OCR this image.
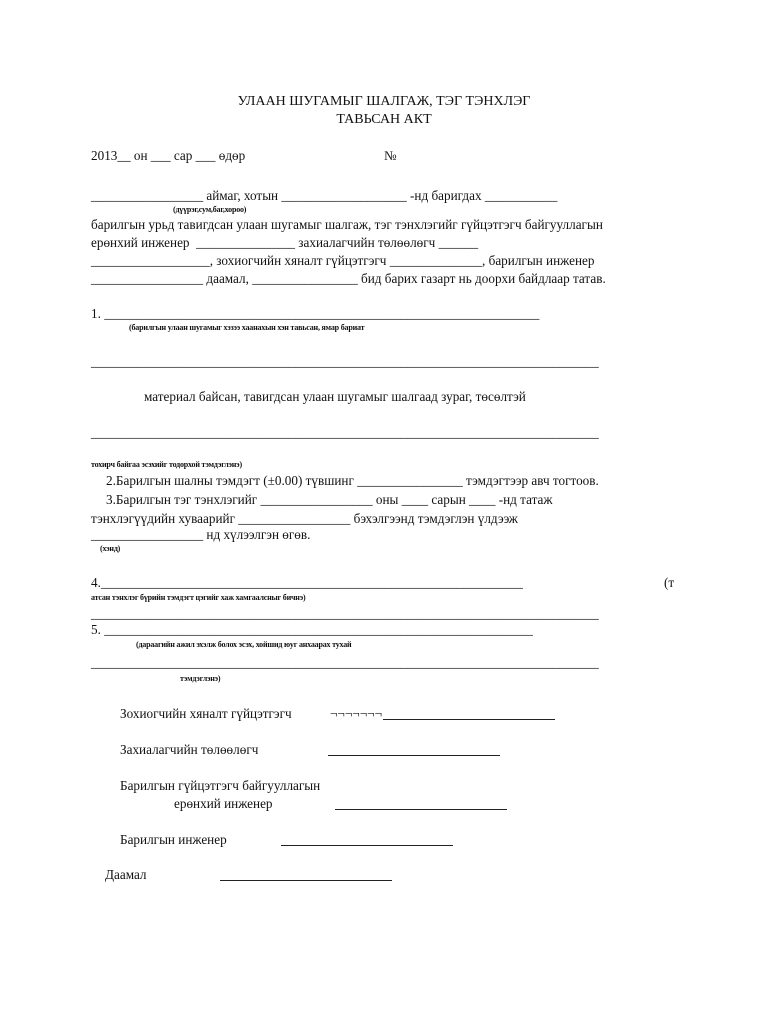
УЛААН ШУГАМЫГ ШАЛГАЖ, ТЭГ ТЭНХЛЭГ
ТАВЬСАН АКТ
2013__ он ___ сар ___ өдөр	№
_________________ аймаг, хотын ___________________ -нд баригдах ___________
(дүүрэг,сум,баг,хороо)
барилгын урьд тавигдсан улаан шугамыг шалгаж, тэг тэнхлэгийг гүйцэтгэгч байгууллагын
ерөнхий инженер  _______________ захиалагчийн төлөөлөгч ______
__________________, зохиогчийн хяналт гүйцэтгэгч ______________, барилгын инженер
_________________ даамал, ________________ бид барих газарт нь доорхи байдлаар татав.
1. __________________________________________________________________
(барилгын улаан шугамыг хэзээ хаанахын хэн тавьсан, ямар бариат
_____________________________________________________________________________
материал байсан, тавигдсан улаан шугамыг шалгаад зураг, төсөлтэй
_____________________________________________________________________________
тохирч байгаа эсэхийг тодорхой тэмдэглэнэ)
2.Барилгын шалны тэмдэгт (±0.00) түвшинг ________________ тэмдэгтээр авч тогтоов.
3.Барилгын тэг тэнхлэгийг _________________ оны ____ сарын ____ -нд татаж
тэнхлэгүүдийн хуваарийг _________________ бэхэлгээнд тэмдэглэн үлдээж
_________________ нд хүлээлгэн өгөв.
(хэнд)
4.________________________________________________________________	(т
атсан тэнхлэг бүрийн тэмдэгт цэгийг хаж хамгаалсныг бичнэ)
_____________________________________________________________________________
5. _________________________________________________________________
(дараагийн ажил эхэлж болох эсэх, хойшид юуг анхаарах тухай
_____________________________________________________________________________
тэмдэглэнэ)
Зохиогчийн хяналт гүйцэтгэгч	¬¬¬¬¬¬¬
Захиалагчийн төлөөлөгч
Барилгын гүйцэтгэгч байгууллагын
ерөнхий инженер
Барилгын инженер
Даамал
